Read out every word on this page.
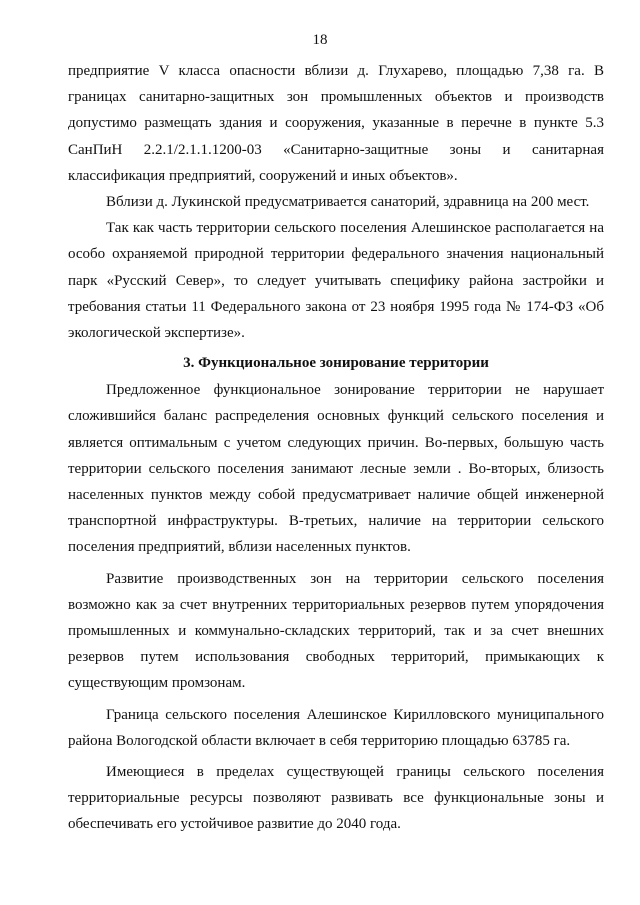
18

предприятие V класса опасности вблизи д. Глухарево, площадью 7,38 га. В границах санитарно-защитных зон промышленных объектов и производств допустимо размещать здания и сооружения, указанные в перечне в пункте 5.3 СанПиН 2.2.1/2.1.1.1200-03 «Санитарно-защитные зоны и санитарная классификация предприятий, сооружений и иных объектов».

Вблизи д. Лукинской предусматривается санаторий, здравница на 200 мест.

Так как часть территории сельского поселения Алешинское располагается на особо охраняемой природной территории федерального значения национальный парк «Русский Север», то следует учитывать специфику района застройки и требования статьи 11 Федерального закона от 23 ноября 1995 года № 174-ФЗ «Об экологической экспертизе».

3. Функциональное зонирование территории

Предложенное функциональное зонирование территории не нарушает сложившийся баланс распределения основных функций сельского поселения и является оптимальным с учетом следующих причин. Во-первых, большую часть территории сельского поселения занимают лесные земли . Во-вторых, близость населенных пунктов между собой предусматривает наличие общей инженерной транспортной инфраструктуры. В-третьих, наличие на территории сельского поселения предприятий, вблизи населенных пунктов.

Развитие производственных зон на территории сельского поселения возможно как за счет внутренних территориальных резервов путем упорядочения промышленных и коммунально-складских территорий, так и за счет внешних резервов путем использования свободных территорий, примыкающих к существующим промзонам.

Граница сельского поселения Алешинское Кирилловского муниципального района Вологодской области включает в себя территорию площадью 63785 га.

Имеющиеся в пределах существующей границы сельского поселения территориальные ресурсы позволяют развивать все функциональные зоны и обеспечивать его устойчивое развитие до 2040 года.
